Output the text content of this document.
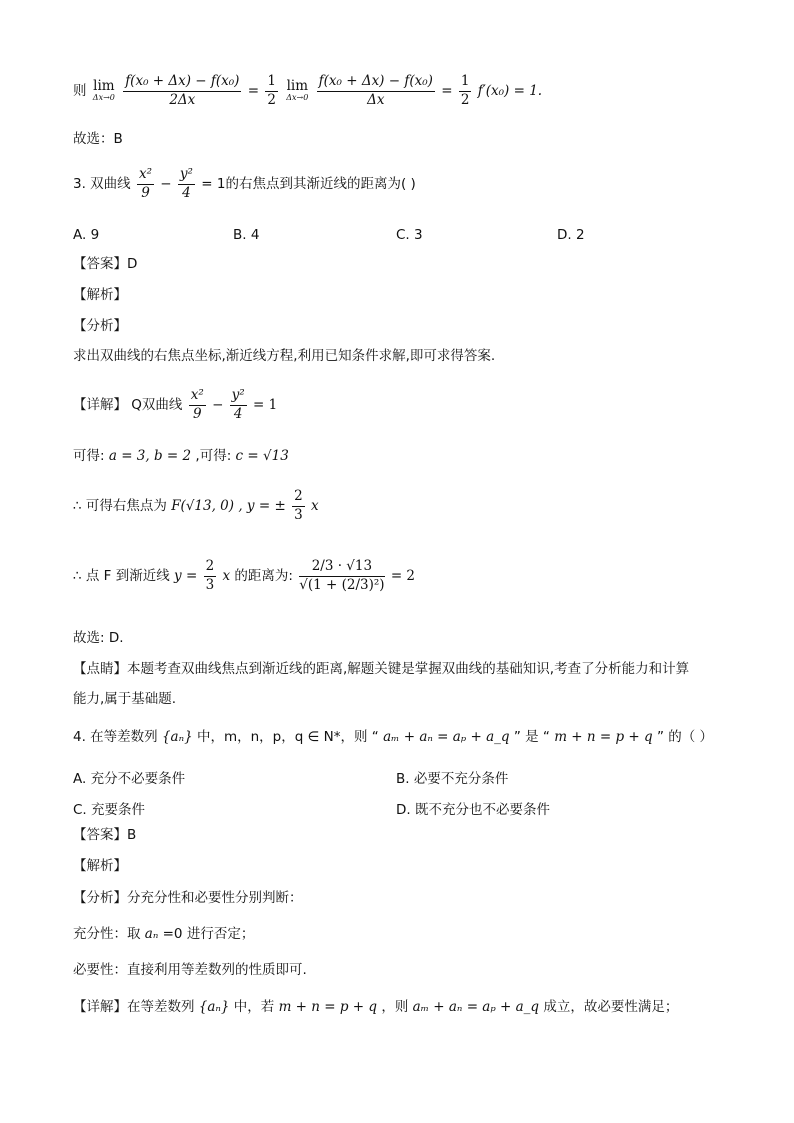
则 lim
Δx→0
$\frac{\text{f(x₀ + Δx) − f(x₀)}}{2\Delta x} = \frac{1}{2}$ lim
Δx→0
$\frac{\text{f(x₀ + Δx) − f(x₀)}}{\Delta x} = \frac{1}{2} f'(x_0) = 1$.
故选：B
3. 双曲线 $\frac{\text{x²}}{9} - \frac{\text{y²}}{4} = 1$的右焦点到其渐近线的距离为( )
A. 9	B. 4	C. 3	D. 2
【答案】D
【解析】
【分析】
求出双曲线的右焦点坐标,渐近线方程,利用已知条件求解,即可求得答案.
【详解】 Q双曲线 $\frac{\text{x²}}{9} - \frac{\text{y²}}{4} = 1$
可得: a = 3, b = 2 ,可得: c = √13
∴ 可得右焦点为 F(√13, 0) , y = ± $\frac{2}{3}$ x
∴ 点 F 到渐近线 $y = \frac{2}{3}$ x 的距离为: $\frac{2/3 \cdot √13}{\text{√(1 + (2/3)²)}} = 2$
故选: D.
【点睛】本题考查双曲线焦点到渐近线的距离,解题关键是掌握双曲线的基础知识,考查了分析能力和计算
能力,属于基础题.
4. 在等差数列 {aₙ} 中，m，n，p，q ∈ N*，则 “ aₘ + aₙ = aₚ + a_q ” 是 “ m + n = p + q ” 的（ ）
A. 充分不必要条件	B. 必要不充分条件
C. 充要条件	D. 既不充分也不必要条件
【答案】B
【解析】
【分析】分充分性和必要性分别判断：
充分性：取 aₙ =0 进行否定；
必要性：直接利用等差数列的性质即可.
【详解】在等差数列 {aₙ} 中，若 m + n = p + q ，则 aₘ + aₙ = aₚ + a_q 成立，故必要性满足；
